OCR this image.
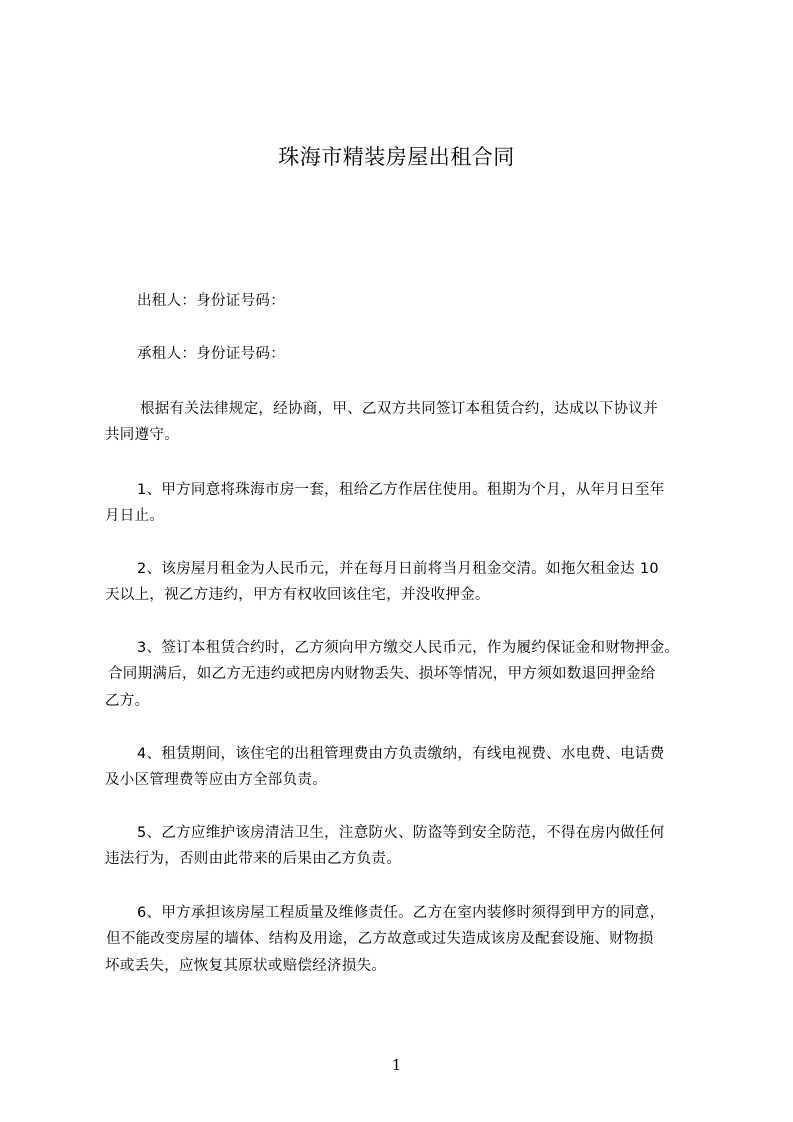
珠海市精装房屋出租合同
出租人：身份证号码：
承租人：身份证号码：
根据有关法律规定，经协商，甲、乙双方共同签订本租赁合约，达成以下协议并
共同遵守。
1、甲方同意将珠海市房一套，租给乙方作居住使用。租期为个月，从年月日至年
月日止。
2、该房屋月租金为人民币元，并在每月日前将当月租金交清。如拖欠租金达 10
天以上，视乙方违约，甲方有权收回该住宅，并没收押金。
3、签订本租赁合约时，乙方须向甲方缴交人民币元，作为履约保证金和财物押金。
合同期满后，如乙方无违约或把房内财物丢失、损坏等情况，甲方须如数退回押金给
乙方。
4、租赁期间，该住宅的出租管理费由方负责缴纳，有线电视费、水电费、电话费
及小区管理费等应由方全部负责。
5、乙方应维护该房清洁卫生，注意防火、防盗等到安全防范，不得在房内做任何
违法行为，否则由此带来的后果由乙方负责。
6、甲方承担该房屋工程质量及维修责任。乙方在室内装修时须得到甲方的同意，
但不能改变房屋的墙体、结构及用途，乙方故意或过失造成该房及配套设施、财物损
坏或丢失，应恢复其原状或赔偿经济损失。
1
